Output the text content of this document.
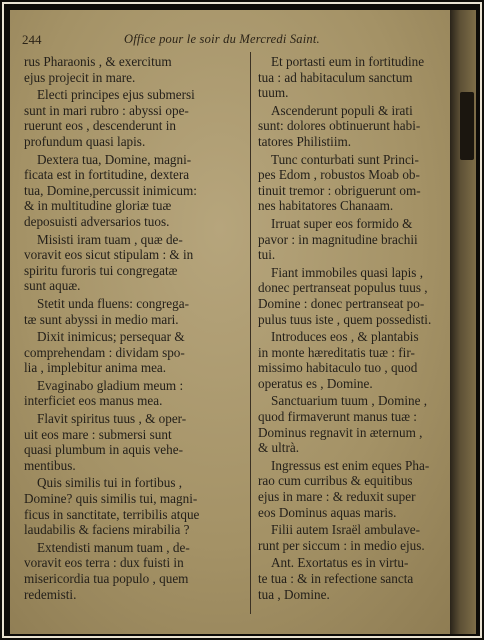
244	Office pour le soir du Mercredi Saint.
rus Pharaonis , & exercitum
ejus projecit in mare.
Electi principes ejus submersi
sunt in mari rubro : abyssi ope-
ruerunt eos , descenderunt in
profundum quasi lapis.
Dextera tua, Domine, magni-
ficata est in fortitudine, dextera
tua, Domine,percussit inimicum:
& in multitudine gloriæ tuæ
deposuisti adversarios tuos.
Misisti iram tuam , quæ de-
voravit eos sicut stipulam : & in
spiritu furoris tui congregatæ
sunt aquæ.
Stetit unda fluens: congrega-
tæ sunt abyssi in medio mari.
Dixit inimicus; persequar &
comprehendam : dividam spo-
lia , implebitur anima mea.
Evaginabo gladium meum :
interficiet eos manus mea.
Flavit spiritus tuus , & oper-
uit eos mare : submersi sunt
quasi plumbum in aquis vehe-
mentibus.
Quis similis tui in fortibus ,
Domine? quis similis tui, magni-
ficus in sanctitate, terribilis atque
laudabilis & faciens mirabilia ?
Extendisti manum tuam , de-
voravit eos terra : dux fuisti in
misericordia tua populo , quem
redemisti.
Et portasti eum in fortitudine
tua : ad habitaculum sanctum
tuum.
Ascenderunt populi & irati
sunt: dolores obtinuerunt habi-
tatores Philistiim.
Tunc conturbati sunt Princi-
pes Edom , robustos Moab ob-
tinuit tremor : obriguerunt om-
nes habitatores Chanaam.
Irruat super eos formido &
pavor : in magnitudine brachii
tui.
Fiant immobiles quasi lapis ,
donec pertranseat populus tuus ,
Domine : donec pertranseat po-
pulus tuus iste , quem possedisti.
Introduces eos , & plantabis
in monte hæreditatis tuæ : fir-
missimo habitaculo tuo , quod
operatus es , Domine.
Sanctuarium tuum , Domine ,
quod firmaverunt manus tuæ :
Dominus regnavit in æternum ,
& ultrà.
Ingressus est enim eques Pha-
rao cum curribus & equitibus
ejus in mare : & reduxit super
eos Dominus aquas maris.
Filii autem Israël ambulave-
runt per siccum : in medio ejus.
Ant. Exortatus es in virtu-
te tua : & in refectione sancta
tua , Domine.
